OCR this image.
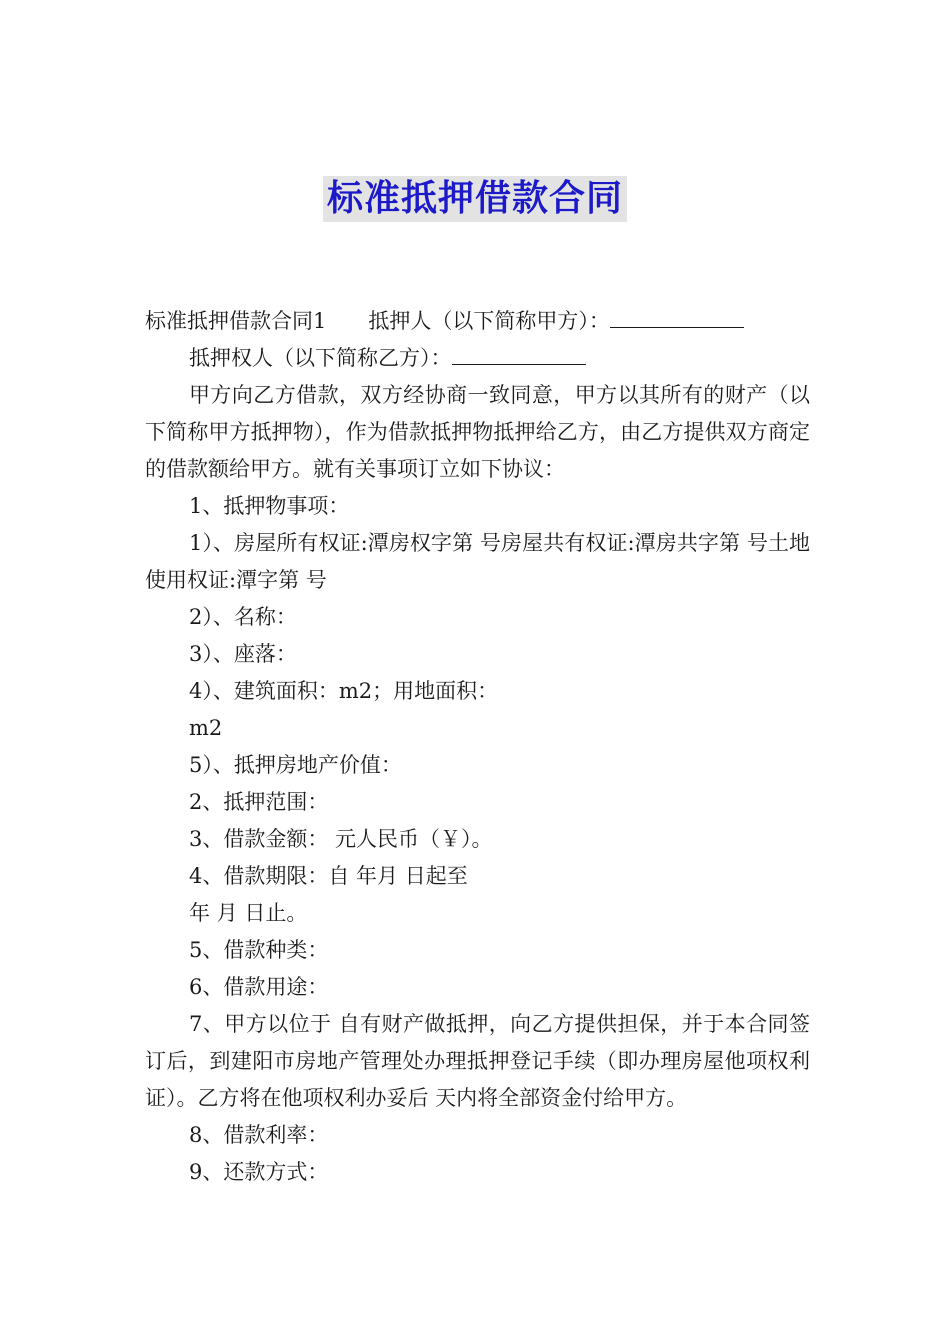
标准抵押借款合同

标准抵押借款合同1 抵押人（以下简称甲方）：

抵押权人（以下简称乙方）：

甲方向乙方借款，双方经协商一致同意，甲方以其所有的财产（以下简称甲方抵押物），作为借款抵押物抵押给乙方，由乙方提供双方商定的借款额给甲方。就有关事项订立如下协议：

1、抵押物事项：

1）、房屋所有权证:潭房权字第 号房屋共有权证:潭房共字第 号土地使用权证:潭字第 号

2）、名称：

3）、座落：

4）、建筑面积：m2；用地面积：

m2

5）、抵押房地产价值：

2、抵押范围：

3、借款金额： 元人民币（￥）。

4、借款期限：自 年月 日起至

年 月 日止。

5、借款种类：

6、借款用途：

7、甲方以位于 自有财产做抵押，向乙方提供担保，并于本合同签订后，到建阳市房地产管理处办理抵押登记手续（即办理房屋他项权利证）。乙方将在他项权利办妥后 天内将全部资金付给甲方。

8、借款利率：

9、还款方式：
